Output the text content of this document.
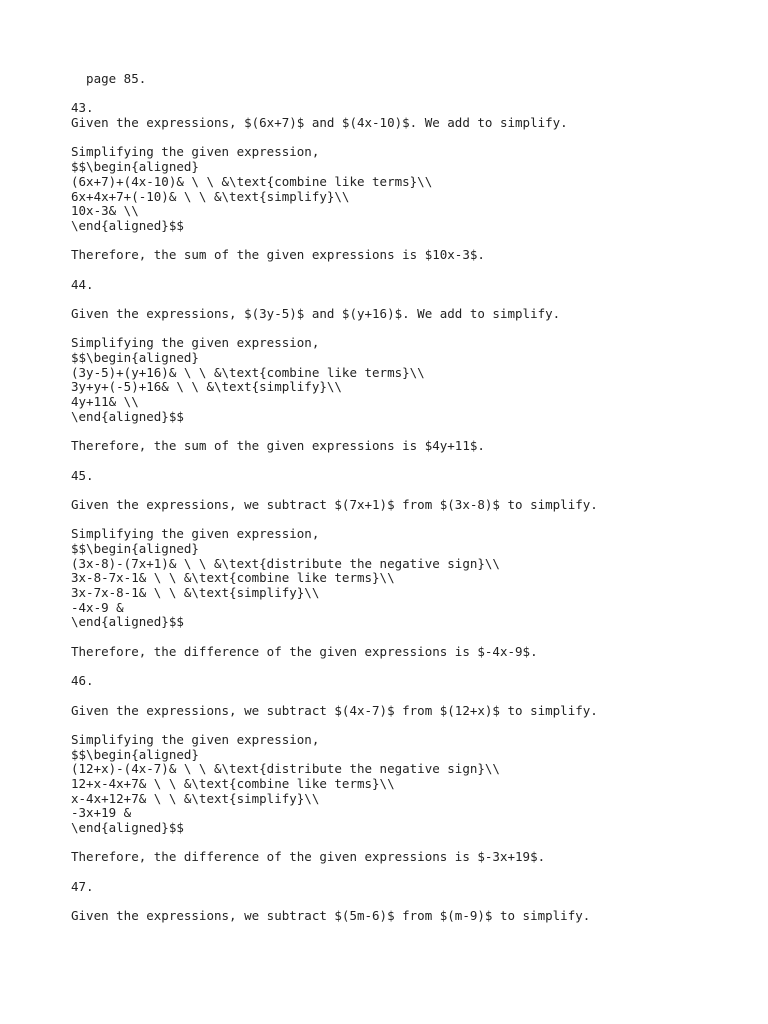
page 85.
43.
Given the expressions, $(6x+7)$ and $(4x-10)$. We add to simplify.
Simplifying the given expression,
$$\begin{aligned}
(6x+7)+(4x-10)& \ \ &\text{combine like terms}\\
6x+4x+7+(-10)& \ \ &\text{simplify}\\
10x-3& \\
\end{aligned}$$
Therefore, the sum of the given expressions is $10x-3$.
44.
Given the expressions, $(3y-5)$ and $(y+16)$. We add to simplify.
Simplifying the given expression,
$$\begin{aligned}
(3y-5)+(y+16)& \ \ &\text{combine like terms}\\
3y+y+(-5)+16& \ \ &\text{simplify}\\
4y+11& \\
\end{aligned}$$
Therefore, the sum of the given expressions is $4y+11$.
45.
Given the expressions, we subtract $(7x+1)$ from $(3x-8)$ to simplify.
Simplifying the given expression,
$$\begin{aligned}
(3x-8)-(7x+1)& \ \ &\text{distribute the negative sign}\\
3x-8-7x-1& \ \ &\text{combine like terms}\\
3x-7x-8-1& \ \ &\text{simplify}\\
-4x-9 &
\end{aligned}$$
Therefore, the difference of the given expressions is $-4x-9$.
46.
Given the expressions, we subtract $(4x-7)$ from $(12+x)$ to simplify.
Simplifying the given expression,
$$\begin{aligned}
(12+x)-(4x-7)& \ \ &\text{distribute the negative sign}\\
12+x-4x+7& \ \ &\text{combine like terms}\\
x-4x+12+7& \ \ &\text{simplify}\\
-3x+19 &
\end{aligned}$$
Therefore, the difference of the given expressions is $-3x+19$.
47.
Given the expressions, we subtract $(5m-6)$ from $(m-9)$ to simplify.
